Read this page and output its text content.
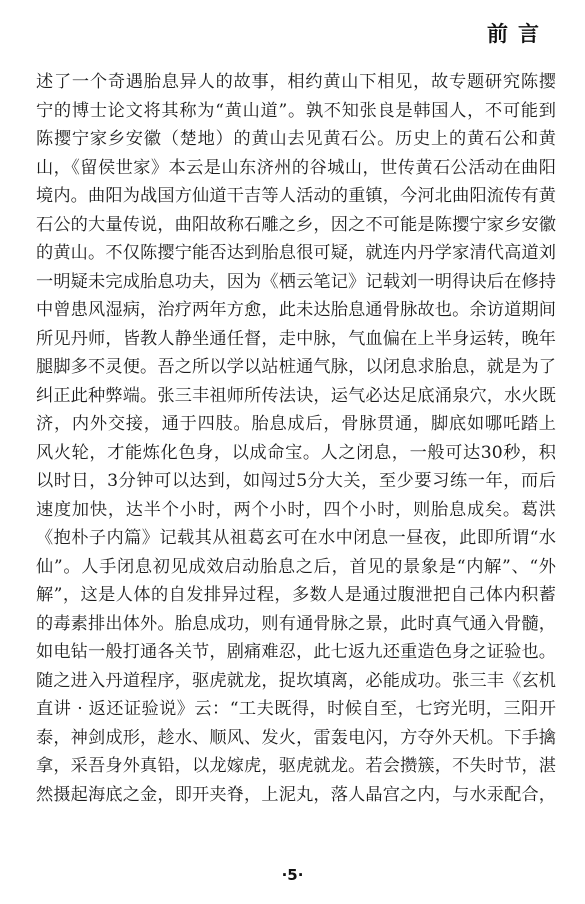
前言
述了一个奇遇胎息异人的故事，相约黄山下相见，故专题研究陈撄
宁的博士论文将其称为“黄山道”。孰不知张良是韩国人，不可能到
陈撄宁家乡安徽（楚地）的黄山去见黄石公。历史上的黄石公和黄
山，《留侯世家》本云是山东济州的谷城山，世传黄石公活动在曲阳
境内。曲阳为战国方仙道干吉等人活动的重镇，今河北曲阳流传有黄
石公的大量传说，曲阳故称石雕之乡，因之不可能是陈撄宁家乡安徽
的黄山。不仅陈撄宁能否达到胎息很可疑，就连内丹学家清代高道刘
一明疑未完成胎息功夫，因为《栖云笔记》记载刘一明得诀后在修持
中曾患风湿病，治疗两年方愈，此未达胎息通骨脉故也。余访道期间
所见丹师，皆教人静坐通任督，走中脉，气血偏在上半身运转，晚年
腿脚多不灵便。吾之所以学以站桩通气脉，以闭息求胎息，就是为了
纠正此种弊端。张三丰祖师所传法诀，运气必达足底涌泉穴，水火既
济，内外交接，通于四肢。胎息成后，骨脉贯通，脚底如哪吒踏上
风火轮，才能炼化色身，以成命宝。人之闭息，一般可达30秒，积
以时日，3分钟可以达到，如闯过5分大关，至少要习练一年，而后
速度加快，达半个小时，两个小时，四个小时，则胎息成矣。葛洪
《抱朴子内篇》记载其从祖葛玄可在水中闭息一昼夜，此即所谓“水
仙”。人手闭息初见成效启动胎息之后，首见的景象是“内解”、“外
解”，这是人体的自发排异过程，多数人是通过腹泄把自己体内积蓄
的毒素排出体外。胎息成功，则有通骨脉之景，此时真气通入骨髓，
如电钻一般打通各关节，剧痛难忍，此七返九还重造色身之证验也。
随之进入丹道程序，驱虎就龙，捉坎填离，必能成功。张三丰《玄机
直讲 · 返还证验说》云：“工夫既得，时候自至，七窍光明，三阳开
泰，神剑成形，趁水、顺风、发火，雷轰电闪，方夺外天机。下手擒
拿，采吾身外真铅，以龙嫁虎，驱虎就龙。若会攒簇，不失时节，湛
然摄起海底之金，即开夹脊，上泥丸，落人晶宫之内，与水汞配合，
·5·
